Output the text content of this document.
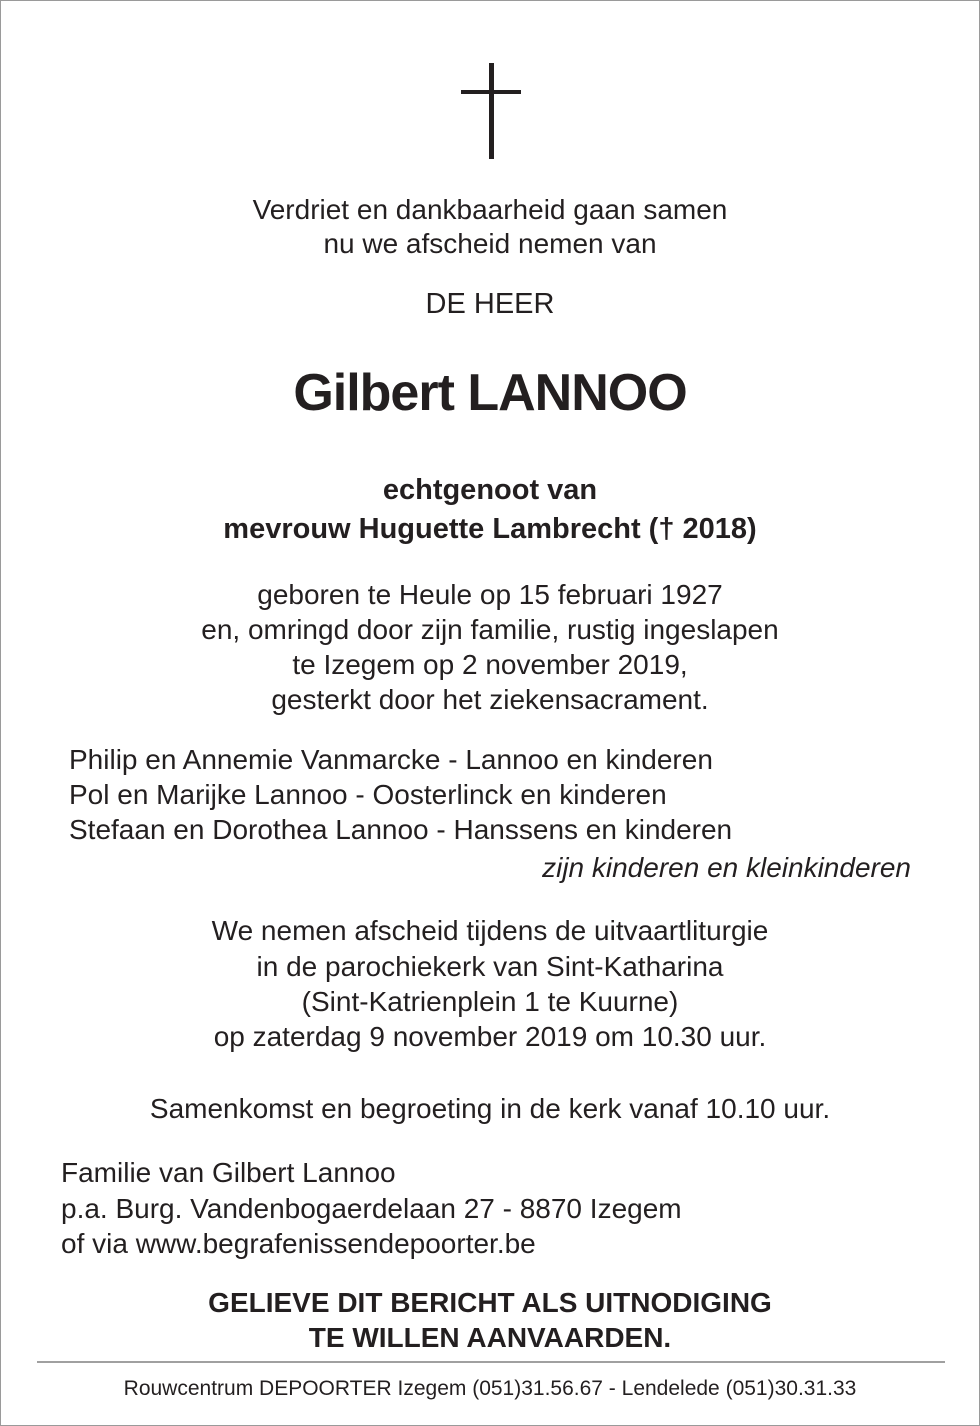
Verdriet en dankbaarheid gaan samen
nu we afscheid nemen van
DE HEER
Gilbert LANNOO
echtgenoot van
mevrouw Huguette Lambrecht († 2018)
geboren te Heule op 15 februari 1927
en, omringd door zijn familie, rustig ingeslapen
te Izegem op 2 november 2019,
gesterkt door het ziekensacrament.
Philip en Annemie Vanmarcke - Lannoo en kinderen
Pol en Marijke Lannoo - Oosterlinck en kinderen
Stefaan en Dorothea Lannoo - Hanssens en kinderen
zijn kinderen en kleinkinderen
We nemen afscheid tijdens de uitvaartliturgie
in de parochiekerk van Sint-Katharina
(Sint-Katrienplein 1 te Kuurne)
op zaterdag 9 november 2019 om 10.30 uur.
Samenkomst en begroeting in de kerk vanaf 10.10 uur.
Familie van Gilbert Lannoo
p.a. Burg. Vandenbogaerdelaan 27 - 8870 Izegem
of via www.begrafenissendepoorter.be
GELIEVE DIT BERICHT ALS UITNODIGING
TE WILLEN AANVAARDEN.
Rouwcentrum DEPOORTER Izegem (051)31.56.67 - Lendelede (051)30.31.33
